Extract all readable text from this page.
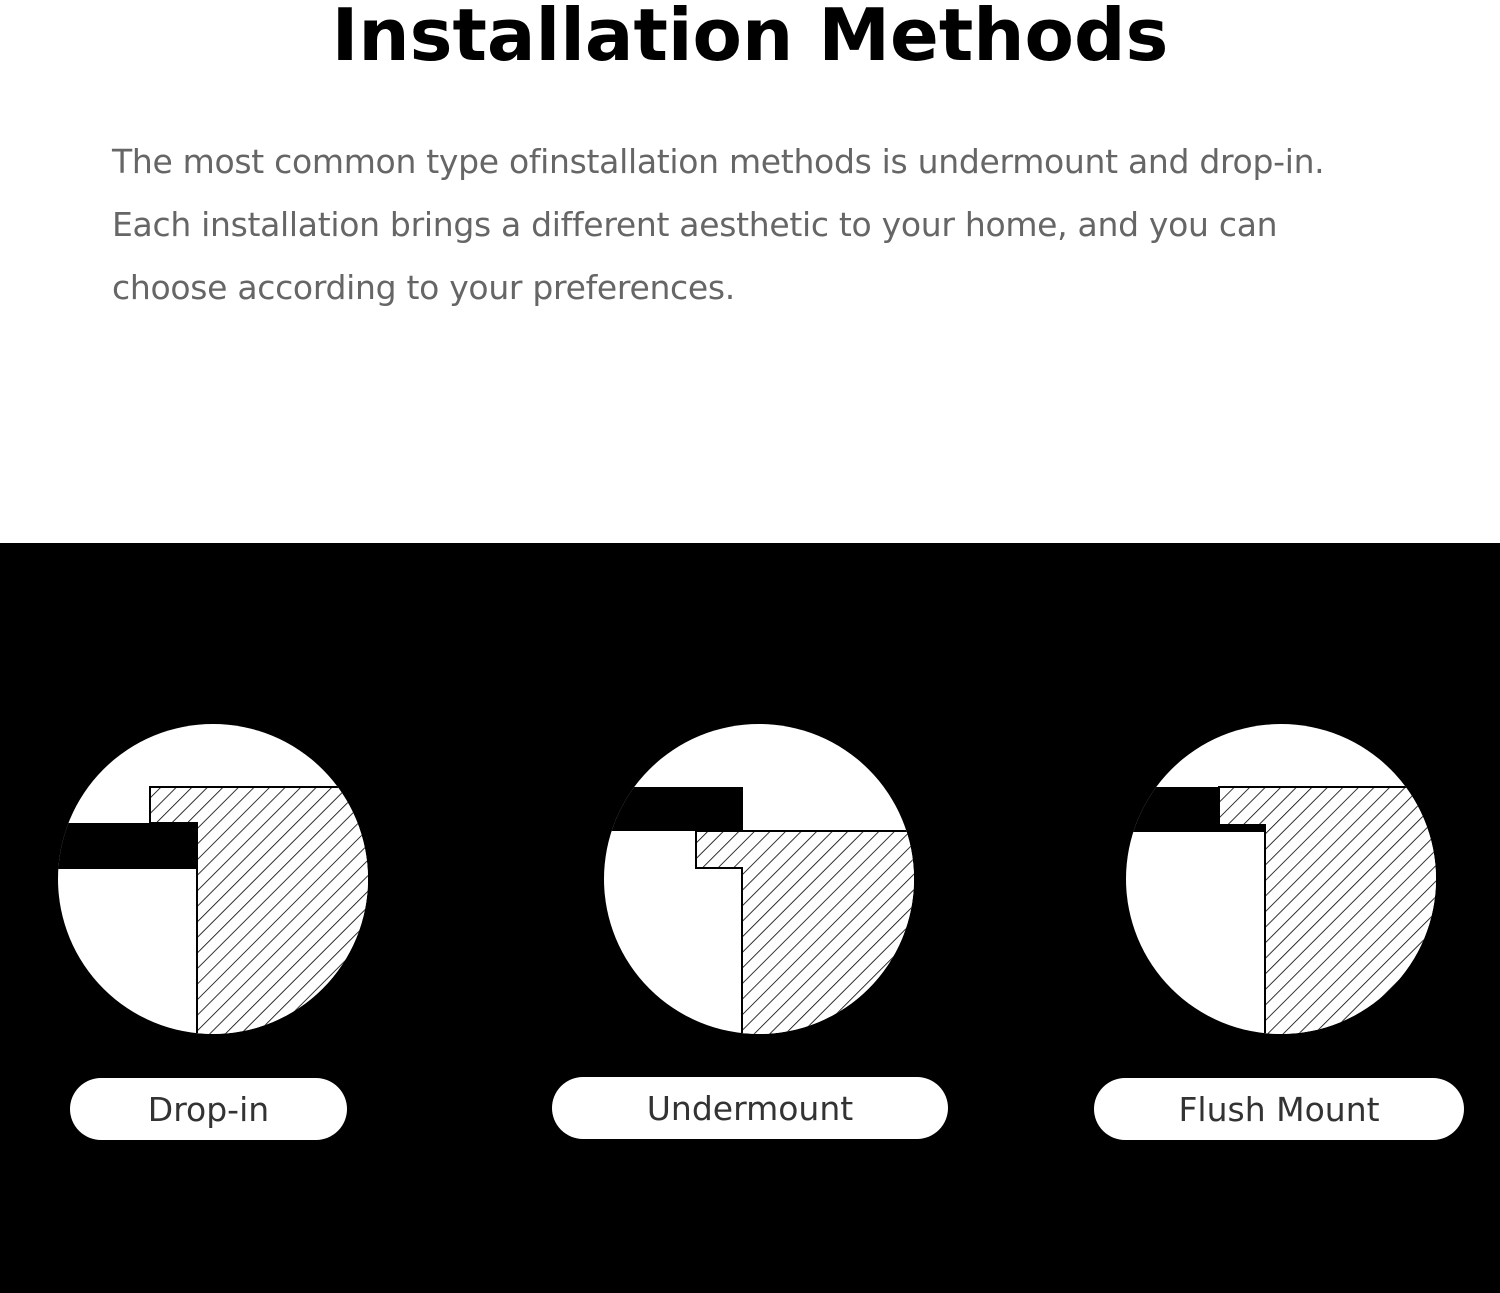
Installation Methods

The most common type ofinstallation methods is undermount and drop-in.
Each installation brings a different aesthetic to your home, and you can
choose according to your preferences.

Drop-in	Undermount	Flush Mount
